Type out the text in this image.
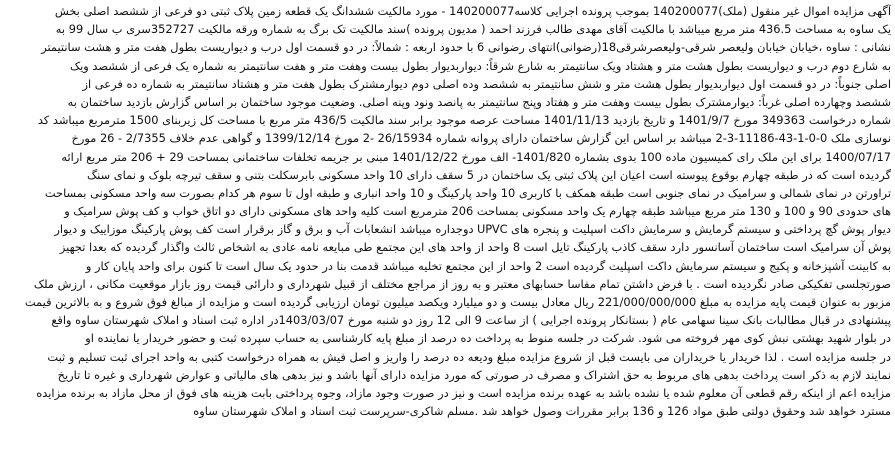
آگهی مزایده اموال غیر منقول (ملک)140200077 بموجب پرونده اجرایی کلاسه140200077 - مورد مالکیت ششدانگ یک قطعه زمین پلاک ثبتی دو فرعی از ششصد اصلی بخش
یک ساوه به مساحت 436.5 متر مربع میباشد با مالکیت آقای مهدی طالب فرزند احمد ( مدیون پرونده )سند مالکیت تک برگ به شماره ورقه مالکیت 352727سری ب سال 99 به
نشانی : ساوه ،خیابان خیابان ولیعصر شرقی-ولیعصرشرقی18(رضوانی)انتهای رضوانی 6 با حدود اربعه : شمالاً: در دو قسمت اول درب و دیواریست بطول هفت متر و هشت سانتیمتر
به شارع دوم درب و دیواریست بطول هشت متر و هشتاد ویک سانتیمتر به شارع شرقاً: دیواربدیوار بطول بیست وهفت متر و هفت سانتیمتر به شماره یک فرعی از ششصد ویک
اصلی جنوباً: در دو قسمت اول دیواربدیوار بطول هشت متر و شش سانتیمتر به ششصد وده اصلی دوم دیوارمشترک بطول هفت متر و هشتاد سانتیمتر به شماره ده فرعی از
ششصد وچهارده اصلی غرباً: دیوارمشترک بطول بیست وهفت متر و هفتاد وپنج سانتیمتر به پانصد ونود وپنه اصلی. وضعیت موجود ساختمان بر اساس گزارش بازدید ساختمان به
شماره درخواست 349363 مورخ 1401/9/7 و تاریخ بازدید 1401/11/13 مساحت عرصه موجود برابر سند مالکیت 436/5 متر مربع با مساحت کل زیربنای 1500 مترمربع میباشد کد
نوسازی ملک 0-0-1-43-11186-3-2 میباشد بر اساس این گزارش ساختمان دارای پروانه شماره 26/15934 -2 مورخ 1399/12/14 و گواهی عدم خلاف 2/7355 - 26 مورخ
1400/07/17 برای این ملک رای کمیسیون ماده 100 بدوی بشماره 1401/820- الف مورخ 1401/12/22 مبنی بر جریمه تخلفات ساختمانی بمساحت 29 + 206 متر مربع ارائه
گردیده است که در طبقه چهارم بوقوع پیوسته است اعیان این پلاک ثبتی یک ساختمان در 5 سقف دارای 10 واحد مسکونی بابرسکلت بتنی و سقف تیرچه بلوک و نمای سنگ
تراورتن در نمای شمالی و سرامیک در نمای جنوبی است طبقه همکف با کاربری 10 واحد پارکینگ و 10 واحد انباری و طبقه اول تا سوم هر کدام بصورت سه واحد مسکونی بمساحت
های حدودی 90 و 100 و 130 متر مربع میباشد طبقه چهارم یک واحد مسکونی بمساحت 206 مترمربع است کلیه واحد های مسکونی دارای دو اتاق خواب و کف پوش سرامیک و
دیوار پوش گچ پرداختی و سیستم گرمایش و سرمایش داکت اسپلیت و پنجره های UPVC دوجداره میباشد انشعابات آب و برق و گاز برقرار است کف پوش پارکینگ موزاییک و دیوار
پوش آن سرامیک است ساختمان آسانسور دارد سقف کاذب پارکینگ تایل است 8 واحد از واحد های این مجتمع طی مبایعه نامه عادی به اشخاص ثالث واگذار گردیده که بعدا تجهیز
به کابینت آشپزخانه و پکیج و سیستم سرمایش داکت اسپلیت گردیده است 2 واحد از این مجتمع تخلیه میباشد قدمت بنا در حدود یک سال است تا کنون برای واحد پایان کار و
صورتجلسی تفکیکی صادر نگردیده است . با فرض داشتن تمام مفاسا حسابهای معتبر و به روز از مراجع مختلف از قبیل شهرداری و دارائی قیمت روز بازار موقعیت مکانی ، ارزش ملک
مزبور به عنوان قیمت پایه مزایده به مبلغ 221/000/000/000 ریال معادل بیست و دو میلیارد ویکصد میلیون تومان ارزیابی گردیده است و مزایده از مبالغ فوق شروع و به بالاترین قیمت
پیشنهادی در قبال مطالبات بانک سینا سهامی عام ( بستانکار پرونده اجرایی ) از ساعت 9 الی 12 روز دو شنبه مورخ 1403/03/07در اداره ثبت اسناد و املاک شهرستان ساوه واقع
در بلوار شهید بهشتی نبش کوی مهر فروخته می شود. شرکت در جلسه منوط به پرداخت ده درصد از مبلغ پایه کارشناسی به حساب سپرده ثبت و حضور خریدار یا نماینده او
در جلسه مزایده است . لذا خریدار یا خریداران می بایست قبل از شروع مزایده مبلغ ودیعه ده درصد را واریز و اصل فیش به همراه درخواست کتبی به واحد اجرای ثبت تسلیم و ثبت
نمایند لازم به ذکر است پرداخت بدهی های مربوط به حق اشتراک و مصرف در صورتی که مورد مزایده دارای آنها باشد و نیز بدهی های مالیاتی و عوارض شهرداری و غیره تا تاریخ
مزایده اعم از اینکه رقم قطعی آن معلوم شده یا نشده باشد به عهده برنده مزایده است و نیز در صورت وجود مازاد، وجوه پرداختی بابت هزینه های فوق از محل مازاد به برنده مزایده
مسترد خواهد شد وحقوق دولتی طبق مواد 126 و 136 برابر مقررات وصول خواهد شد .مسلم شاکری-سرپرست ثبت اسناد و املاک شهرستان ساوه
